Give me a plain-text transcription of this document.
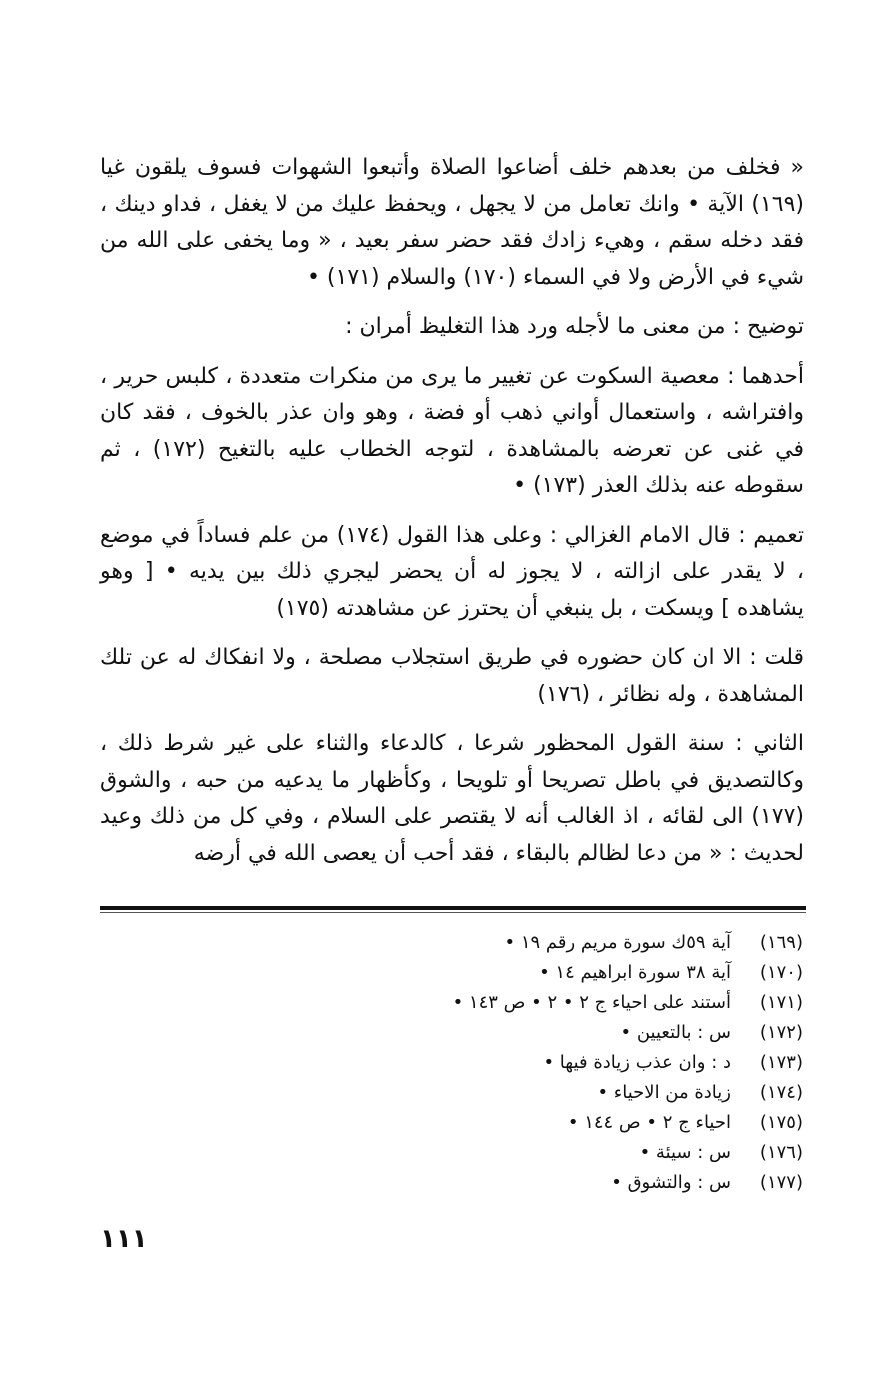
« فخلف من بعدهم خلف أضاعوا الصلاة وأتبعوا الشهوات فسوف يلقون غيا (١٦٩) الآية • وانك تعامل من لا يجهل ، ويحفظ عليك من لا يغفل ، فداو دينك ، فقد دخله سقم ، وهيء زادك فقد حضر سفر بعيد ، « وما يخفى على الله من شيء في الأرض ولا في السماء (١٧٠) والسلام (١٧١) •

توضيح : من معنى ما لأجله ورد هذا التغليظ أمران :

أحدهما : معصية السكوت عن تغيير ما يرى من منكرات متعددة ، كلبس حرير ، وافتراشه ، واستعمال أواني ذهب أو فضة ، وهو وان عذر بالخوف ، فقد كان في غنى عن تعرضه بالمشاهدة ، لتوجه الخطاب عليه بالتغيح (١٧٢) ، ثم سقوطه عنه بذلك العذر (١٧٣) •

تعميم : قال الامام الغزالي : وعلى هذا القول (١٧٤) من علم فساداً في موضع ، لا يقدر على ازالته ، لا يجوز له أن يحضر ليجري ذلك بين يديه • [ وهو يشاهده ] ويسكت ، بل ينبغي أن يحترز عن مشاهدته (١٧٥)

قلت : الا ان كان حضوره في طريق استجلاب مصلحة ، ولا انفكاك له عن تلك المشاهدة ، وله نظائر ، (١٧٦)

الثاني : سنة القول المحظور شرعا ، كالدعاء والثناء على غير شرط ذلك ، وكالتصديق في باطل تصريحا أو تلويحا ، وكأظهار ما يدعيه من حبه ، والشوق (١٧٧) الى لقائه ، اذ الغالب أنه لا يقتصر على السلام ، وفي كل من ذلك وعيد لحديث : « من دعا لظالم بالبقاء ، فقد أحب أن يعصى الله في أرضه

(١٦٩)
آية ٥٩ك سورة مريم رقم ١٩ •
(١٧٠)
آية ٣٨ سورة ابراهيم ١٤ •
(١٧١)
أستند على احياء ج ٢ • ٢ • ص ١٤٣ •
(١٧٢)
س : بالتعيين •
(١٧٣)
د : وان عذب زيادة فيها •
(١٧٤)
زيادة من الاحياء •
(١٧٥)
احياء ج ٢ • ص ١٤٤ •
(١٧٦)
س : سيئة •
(١٧٧)
س : والتشوق •
١١١
